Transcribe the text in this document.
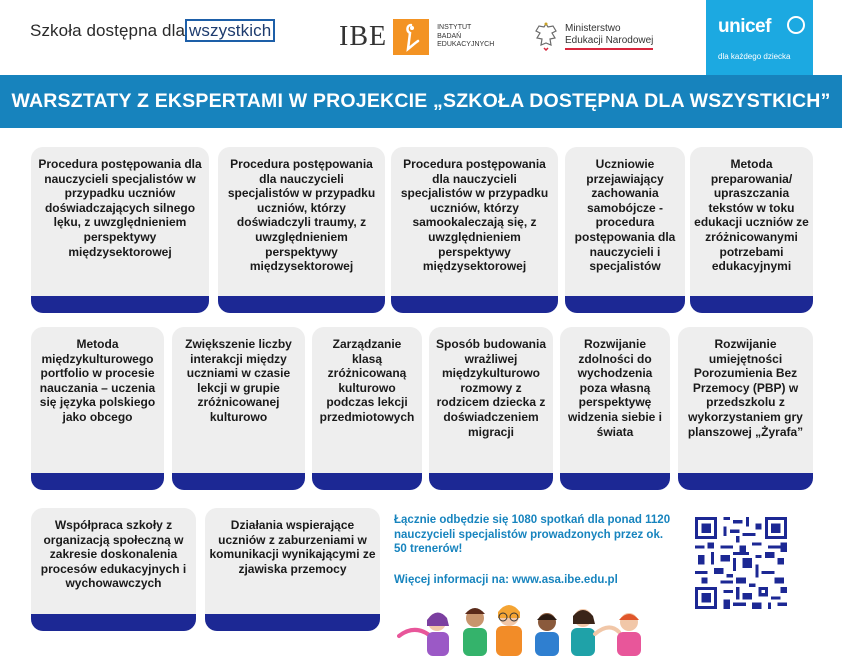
Szkoła dostępna dla wszystkich IBE	INSTYTUT
BADAŃ
EDUKACYJNYCH
Ministerstwo
Edukacji Narodowej
unicef
dla każdego dziecka
WARSZTATY Z EKSPERTAMI W PROJEKCIE „SZKOŁA DOSTĘPNA DLA WSZYSTKICH”
Procedura postępowania dla nauczycieli specjalistów w przypadku uczniów doświadczających silnego lęku, z uwzględnieniem perspektywy międzysektorowej
Procedura postępowania dla nauczycieli specjalistów w przypadku uczniów, którzy doświadczyli traumy, z uwzględnieniem perspektywy międzysektorowej
Procedura postępowania dla nauczycieli specjalistów w przypadku uczniów, którzy samookaleczają się, z uwzględnieniem perspektywy międzysektorowej
Uczniowie przejawiający zachowania samobójcze - procedura postępowania dla nauczycieli i specjalistów
Metoda preparowania/ upraszczania tekstów w toku edukacji uczniów ze zróżnicowanymi potrzebami edukacyjnymi
Metoda międzykulturowego portfolio w procesie nauczania – uczenia się języka polskiego jako obcego
Zwiększenie liczby interakcji między uczniami w czasie lekcji w grupie zróżnicowanej kulturowo
Zarządzanie klasą zróżnicowaną kulturowo podczas lekcji przedmiotowych
Sposób budowania wrażliwej międzykulturowo rozmowy z rodzicem dziecka z doświadczeniem migracji
Rozwijanie zdolności do wychodzenia poza własną perspektywę widzenia siebie i świata
Rozwijanie umiejętności Porozumienia Bez Przemocy (PBP) w przedszkolu z wykorzystaniem gry planszowej „Żyrafa”
Współpraca szkoły z organizacją społeczną w zakresie doskonalenia procesów edukacyjnych i wychowawczych
Działania wspierające uczniów z zaburzeniami w komunikacji wynikającymi ze zjawiska przemocy
Łącznie odbędzie się 1080 spotkań dla ponad 1120 nauczycieli specjalistów prowadzonych przez ok. 50 trenerów!
Więcej informacji na: www.asa.ibe.edu.pl
